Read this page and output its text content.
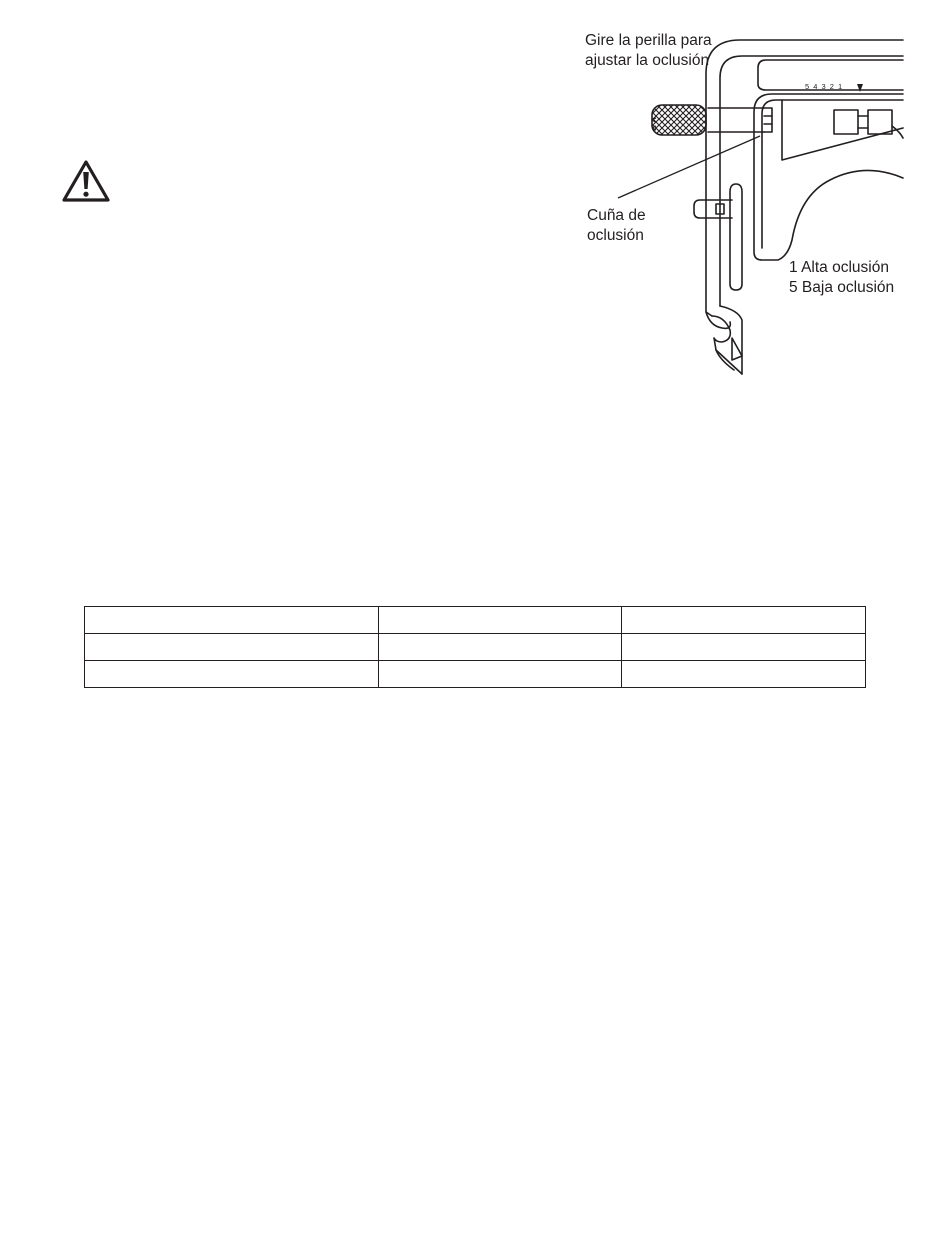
5 4 3 2 1
Gire la perilla para
ajustar la oclusión
Cuña de
oclusión
1 Alta oclusión
5 Baja oclusión
